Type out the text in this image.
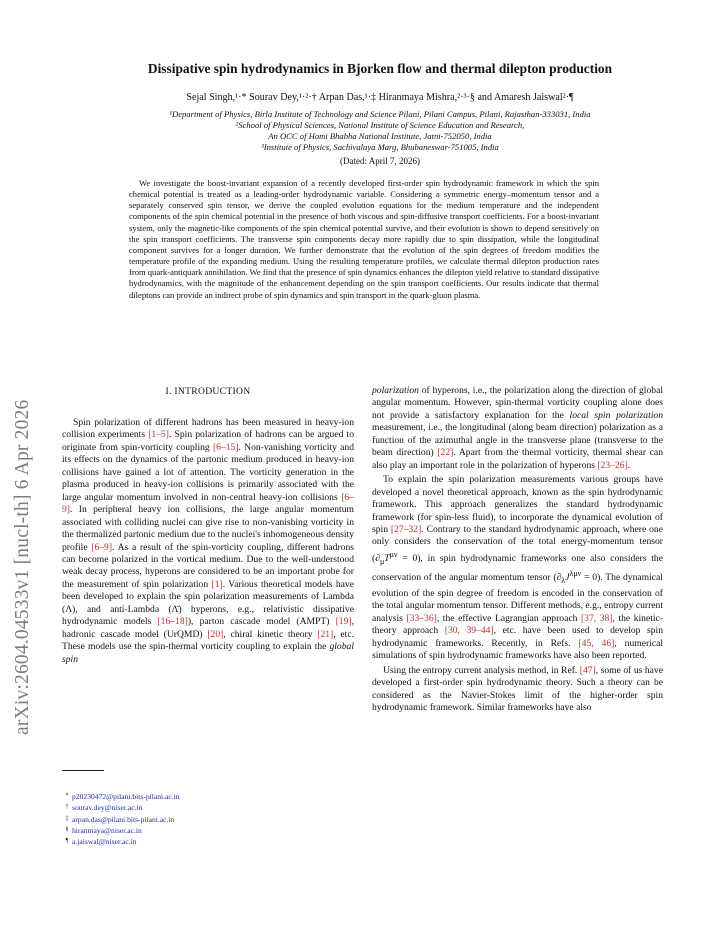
arXiv:2604.04533v1 [nucl-th] 6 Apr 2026
Dissipative spin hydrodynamics in Bjorken flow and thermal dilepton production
Sejal Singh,¹·* Sourav Dey,¹·²·† Arpan Das,¹·‡ Hiranmaya Mishra,²·³·§ and Amaresh Jaiswal²·¶
¹Department of Physics, Birla Institute of Technology and Science Pilani, Pilani Campus, Pilani, Rajasthan-333031, India
²School of Physical Sciences, National Institute of Science Education and Research,
An OCC of Homi Bhabha National Institute, Jatni-752050, India
³Institute of Physics, Sachivalaya Marg, Bhubaneswar-751005, India
(Dated: April 7, 2026)
We investigate the boost-invariant expansion of a recently developed first-order spin hydrodynamic framework in which the spin chemical potential is treated as a leading-order hydrodynamic variable. Considering a symmetric energy–momentum tensor and a separately conserved spin tensor, we derive the coupled evolution equations for the medium temperature and the independent components of the spin chemical potential in the presence of both viscous and spin-diffusive transport coefficients. For a boost-invariant system, only the magnetic-like components of the spin chemical potential survive, and their evolution is shown to depend sensitively on the spin transport coefficients. The transverse spin components decay more rapidly due to spin dissipation, while the longitudinal component survives for a longer duration. We further demonstrate that the evolution of the spin degrees of freedom modifies the temperature profile of the expanding medium. Using the resulting temperature profiles, we calculate thermal dilepton production rates from quark-antiquark annihilation. We find that the presence of spin dynamics enhances the dilepton yield relative to standard dissipative hydrodynamics, with the magnitude of the enhancement depending on the spin transport coefficients. Our results indicate that thermal dileptons can provide an indirect probe of spin dynamics and spin transport in the quark-gluon plasma.
I. INTRODUCTION

Spin polarization of different hadrons has been measured in heavy-ion collision experiments [1–5]. Spin polarization of hadrons can be argued to originate from spin-vorticity coupling [6–15]. Non-vanishing vorticity and its effects on the dynamics of the partonic medium produced in heavy-ion collisions have gained a lot of attention. The vorticity generation in the plasma produced in heavy-ion collisions is primarily associated with the large angular momentum involved in non-central heavy-ion collisions [6–9]. In peripheral heavy ion collisions, the large angular momentum associated with colliding nuclei can give rise to non-vanishing vorticity in the thermalized partonic medium due to the nuclei's inhomogeneous density profile [6–9]. As a result of the spin-vorticity coupling, different hadrons can become polarized in the vortical medium. Due to the well-understood weak decay process, hyperons are considered to be an important probe for the measurement of spin polarization [1]. Various theoretical models have been developed to explain the spin polarization measurements of Lambda (Λ), and anti-Lambda (Λ̄) hyperons, e.g., relativistic dissipative hydrodynamic models [16–18]), parton cascade model (AMPT) [19], hadronic cascade model (UrQMD) [20], chiral kinetic theory [21], etc. These models use the spin-thermal vorticity coupling to explain the global spin

polarization of hyperons, i.e., the polarization along the direction of global angular momentum. However, spin-thermal vorticity coupling alone does not provide a satisfactory explanation for the local spin polarization measurement, i.e., the longitudinal (along beam direction) polarization as a function of the azimuthal angle in the transverse plane (transverse to the beam direction) [22]. Apart from the thermal vorticity, thermal shear can also play an important role in the polarization of hyperons [23–26].

To explain the spin polarization measurements various groups have developed a novel theoretical approach, known as the spin hydrodynamic framework. This approach generalizes the standard hydrodynamic framework (for spin-less fluid), to incorporate the dynamical evolution of spin [27–32]. Contrary to the standard hydrodynamic approach, where one only considers the conservation of the total energy-momentum tensor $(\partial_\mu T^{\mu\nu} = 0)$, in spin hydrodynamic frameworks one also considers the conservation of the angular momentum tensor $(\partial_\lambda J^{\lambda\mu\nu} = 0)$. The dynamical evolution of the spin degree of freedom is encoded in the conservation of the total angular momentum tensor. Different methods, e.g., entropy current analysis [33–36], the effective Lagrangian approach [37, 38], the kinetic-theory approach [30, 39–44], etc. have been used to develop spin hydrodynamic frameworks. Recently, in Refs. [45, 46], numerical simulations of spin hydrodynamic frameworks have also been reported.

Using the entropy current analysis method, in Ref. [47], some of us have developed a first-order spin hydrodynamic theory. Such a theory can be considered as the Navier-Stokes limit of the higher-order spin hydrodynamic framework. Similar frameworks have also

* p20230472@pilani.bits-pilani.ac.in
† sourav.dey@niser.ac.in
‡ arpan.das@pilani.bits-pilani.ac.in
§ hiranmaya@niser.ac.in
¶ a.jaiswal@niser.ac.in
